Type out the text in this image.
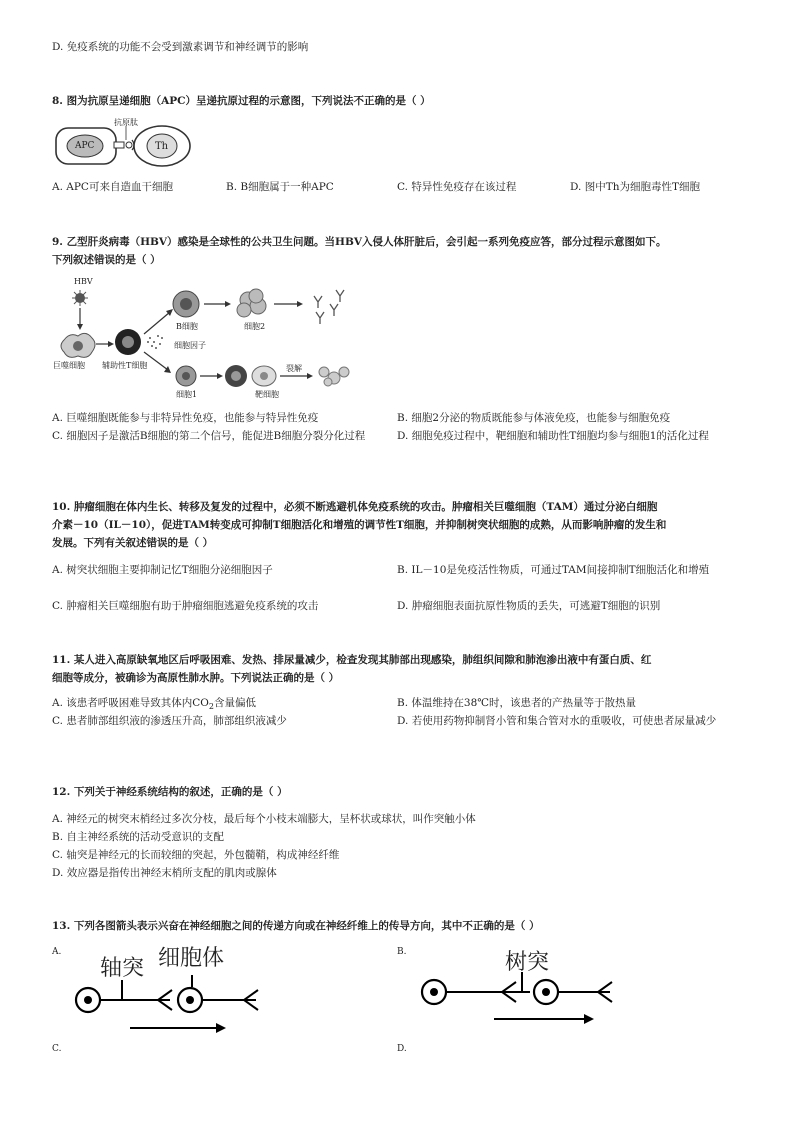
D. 免疫系统的功能不会受到激素调节和神经调节的影响
8. 图为抗原呈递细胞（APC）呈递抗原过程的示意图，下列说法不正确的是（ ）
抗原肽
APC	Th
A. APC可来自造血干细胞	B. B细胞属于一种APC	C. 特异性免疫存在该过程	D. 图中Th为细胞毒性T细胞
9. 乙型肝炎病毒（HBV）感染是全球性的公共卫生问题。当HBV入侵人体肝脏后，会引起一系列免疫应答，部分过程示意图如下。
下列叙述错误的是（ ）
HBV
巨噬细胞 辅助性T细胞
B细胞
细胞因子
细胞2
细胞1	靶细胞
裂解
A. 巨噬细胞既能参与非特异性免疫，也能参与特异性免疫	B. 细胞2分泌的物质既能参与体液免疫，也能参与细胞免疫
C. 细胞因子是激活B细胞的第二个信号，能促进B细胞分裂分化过程	D. 细胞免疫过程中，靶细胞和辅助性T细胞均参与细胞1的活化过程
10. 肿瘤细胞在体内生长、转移及复发的过程中，必须不断逃避机体免疫系统的攻击。肿瘤相关巨噬细胞（TAM）通过分泌白细胞
介素－10（IL－10），促进TAM转变成可抑制T细胞活化和增殖的调节性T细胞，并抑制树突状细胞的成熟，从而影响肿瘤的发生和
发展。下列有关叙述错误的是（ ）
A. 树突状细胞主要抑制记忆T细胞分泌细胞因子	B. IL－10是免疫活性物质，可通过TAM间接抑制T细胞活化和增殖
C. 肿瘤相关巨噬细胞有助于肿瘤细胞逃避免疫系统的攻击	D. 肿瘤细胞表面抗原性物质的丢失，可逃避T细胞的识别
11. 某人进入高原缺氧地区后呼吸困难、发热、排尿量减少，检查发现其肺部出现感染，肺组织间隙和肺泡渗出液中有蛋白质、红
细胞等成分，被确诊为高原性肺水肿。下列说法正确的是（ ）
A. 该患者呼吸困难导致其体内$CO_2$含量偏低	B. 体温维持在38℃时，该患者的产热量等于散热量
C. 患者肺部组织液的渗透压升高，肺部组织液减少	D. 若使用药物抑制肾小管和集合管对水的重吸收，可使患者尿量减少
12. 下列关于神经系统结构的叙述，正确的是（ ）
A. 神经元的树突末梢经过多次分枝，最后每个小枝末端膨大，呈杯状或球状，叫作突触小体
B. 自主神经系统的活动受意识的支配
C. 轴突是神经元的长而较细的突起，外包髓鞘，构成神经纤维
D. 效应器是指传出神经末梢所支配的肌肉或腺体
13. 下列各图箭头表示兴奋在神经细胞之间的传递方向或在神经纤维上的传导方向，其中不正确的是（ ）
A.	B.
C.	D.
轴突 细胞体	树突
